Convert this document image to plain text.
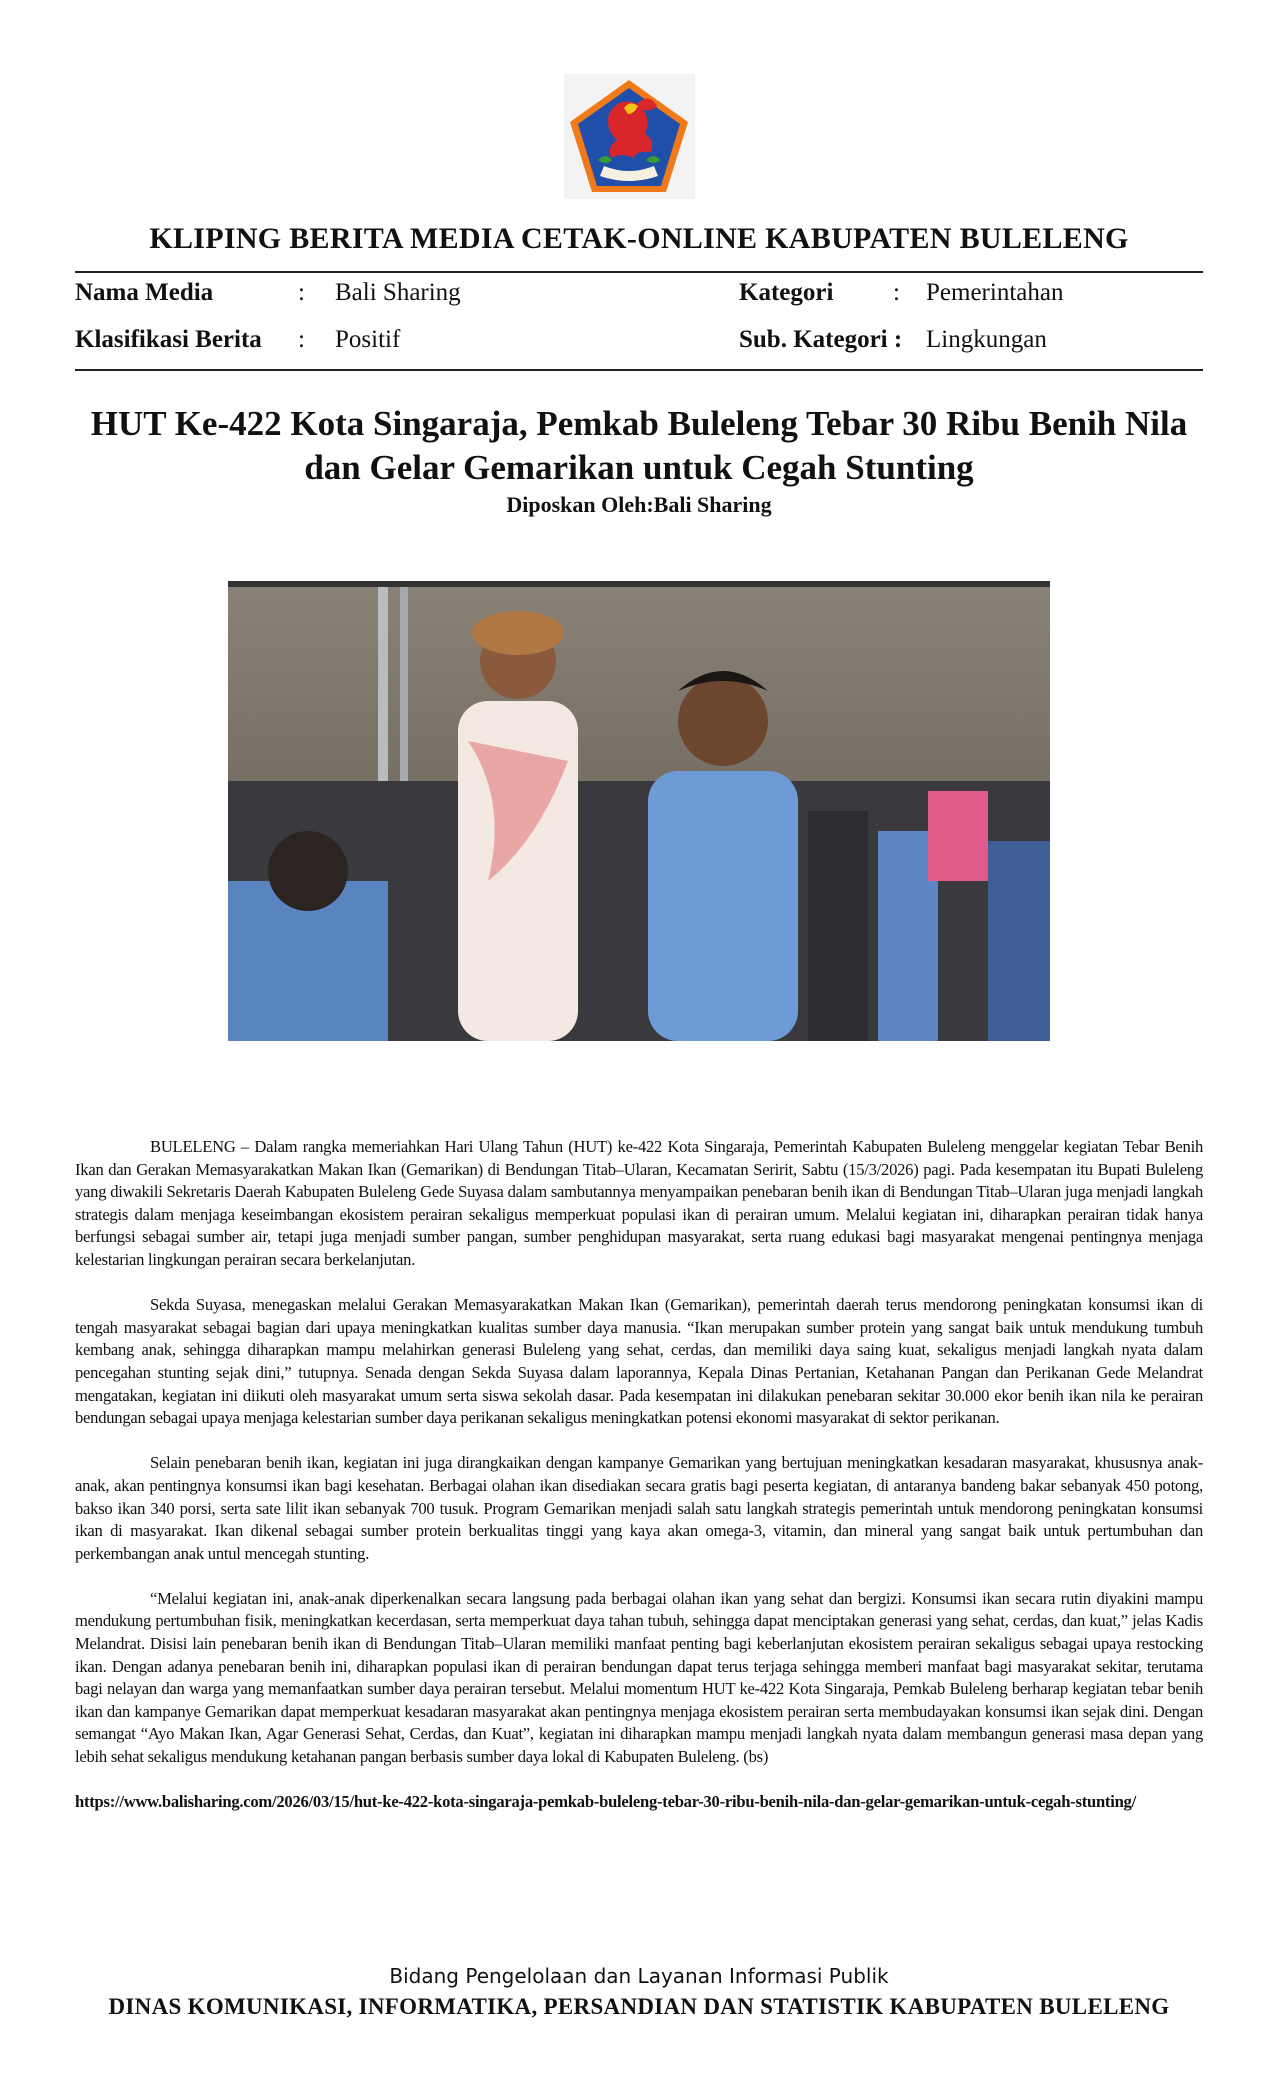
KLIPING BERITA MEDIA CETAK-ONLINE KABUPATEN BULELENG
Nama Media	: Bali Sharing	Kategori : Pemerintahan
Klasifikasi Berita : Positif	Sub. Kategori : Lingkungan
HUT Ke-422 Kota Singaraja, Pemkab Buleleng Tebar 30 Ribu Benih Nila dan Gelar Gemarikan untuk Cegah Stunting
Diposkan Oleh:Bali Sharing

BULELENG – Dalam rangka memeriahkan Hari Ulang Tahun (HUT) ke-422 Kota Singaraja, Pemerintah Kabupaten Buleleng menggelar kegiatan Tebar Benih Ikan dan Gerakan Memasyarakatkan Makan Ikan (Gemarikan) di Bendungan Titab–Ularan, Kecamatan Seririt, Sabtu (15/3/2026) pagi. Pada kesempatan itu Bupati Buleleng yang diwakili Sekretaris Daerah Kabupaten Buleleng Gede Suyasa dalam sambutannya menyampaikan penebaran benih ikan di Bendungan Titab–Ularan juga menjadi langkah strategis dalam menjaga keseimbangan ekosistem perairan sekaligus memperkuat populasi ikan di perairan umum. Melalui kegiatan ini, diharapkan perairan tidak hanya berfungsi sebagai sumber air, tetapi juga menjadi sumber pangan, sumber penghidupan masyarakat, serta ruang edukasi bagi masyarakat mengenai pentingnya menjaga kelestarian lingkungan perairan secara berkelanjutan.

Sekda Suyasa, menegaskan melalui Gerakan Memasyarakatkan Makan Ikan (Gemarikan), pemerintah daerah terus mendorong peningkatan konsumsi ikan di tengah masyarakat sebagai bagian dari upaya meningkatkan kualitas sumber daya manusia. “Ikan merupakan sumber protein yang sangat baik untuk mendukung tumbuh kembang anak, sehingga diharapkan mampu melahirkan generasi Buleleng yang sehat, cerdas, dan memiliki daya saing kuat, sekaligus menjadi langkah nyata dalam pencegahan stunting sejak dini,” tutupnya. Senada dengan Sekda Suyasa dalam laporannya, Kepala Dinas Pertanian, Ketahanan Pangan dan Perikanan Gede Melandrat mengatakan, kegiatan ini diikuti oleh masyarakat umum serta siswa sekolah dasar. Pada kesempatan ini dilakukan penebaran sekitar 30.000 ekor benih ikan nila ke perairan bendungan sebagai upaya menjaga kelestarian sumber daya perikanan sekaligus meningkatkan potensi ekonomi masyarakat di sektor perikanan.

Selain penebaran benih ikan, kegiatan ini juga dirangkaikan dengan kampanye Gemarikan yang bertujuan meningkatkan kesadaran masyarakat, khususnya anak-anak, akan pentingnya konsumsi ikan bagi kesehatan. Berbagai olahan ikan disediakan secara gratis bagi peserta kegiatan, di antaranya bandeng bakar sebanyak 450 potong, bakso ikan 340 porsi, serta sate lilit ikan sebanyak 700 tusuk. Program Gemarikan menjadi salah satu langkah strategis pemerintah untuk mendorong peningkatan konsumsi ikan di masyarakat. Ikan dikenal sebagai sumber protein berkualitas tinggi yang kaya akan omega-3, vitamin, dan mineral yang sangat baik untuk pertumbuhan dan perkembangan anak untul mencegah stunting.

“Melalui kegiatan ini, anak-anak diperkenalkan secara langsung pada berbagai olahan ikan yang sehat dan bergizi. Konsumsi ikan secara rutin diyakini mampu mendukung pertumbuhan fisik, meningkatkan kecerdasan, serta memperkuat daya tahan tubuh, sehingga dapat menciptakan generasi yang sehat, cerdas, dan kuat,” jelas Kadis Melandrat. Disisi lain penebaran benih ikan di Bendungan Titab–Ularan memiliki manfaat penting bagi keberlanjutan ekosistem perairan sekaligus sebagai upaya restocking ikan. Dengan adanya penebaran benih ini, diharapkan populasi ikan di perairan bendungan dapat terus terjaga sehingga memberi manfaat bagi masyarakat sekitar, terutama bagi nelayan dan warga yang memanfaatkan sumber daya perairan tersebut. Melalui momentum HUT ke-422 Kota Singaraja, Pemkab Buleleng berharap kegiatan tebar benih ikan dan kampanye Gemarikan dapat memperkuat kesadaran masyarakat akan pentingnya menjaga ekosistem perairan serta membudayakan konsumsi ikan sejak dini. Dengan semangat “Ayo Makan Ikan, Agar Generasi Sehat, Cerdas, dan Kuat”, kegiatan ini diharapkan mampu menjadi langkah nyata dalam membangun generasi masa depan yang lebih sehat sekaligus mendukung ketahanan pangan berbasis sumber daya lokal di Kabupaten Buleleng. (bs)

https://www.balisharing.com/2026/03/15/hut-ke-422-kota-singaraja-pemkab-buleleng-tebar-30-ribu-benih-nila-dan-gelar-gemarikan-untuk-cegah-stunting/

Bidang Pengelolaan dan Layanan Informasi Publik
DINAS KOMUNIKASI, INFORMATIKA, PERSANDIAN DAN STATISTIK KABUPATEN BULELENG
